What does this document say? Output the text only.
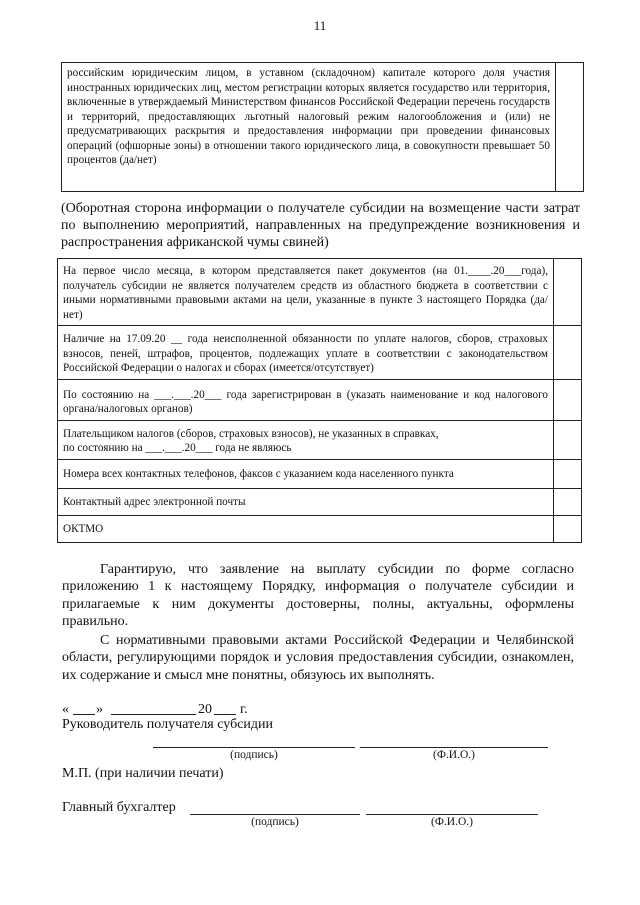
11
российским юридическим лицом, в уставном (складочном) капитале которого доля участия иностранных юридических лиц, местом регистрации которых является государство или территория, включенные в утверждаемый Министерством финансов Российской Федерации перечень государств и территорий, предоставляющих льготный налоговый режим налогообложения и (или) не предусматривающих раскрытия и предоставления информации при проведении финансовых операций (офшорные зоны) в отношении такого юридического лица, в совокупности превышает 50 процентов (да/нет)

(Оборотная сторона информации о получателе субсидии на возмещение части затрат по выполнению мероприятий, направленных на предупреждение возникновения и распространения африканской чумы свиней)
На первое число месяца, в котором представляется пакет документов (на 01.____.20___года), получатель субсидии не является получателем средств из областного бюджета в соответствии с иными нормативными правовыми актами на цели, указанные в пункте 3 настоящего Порядка (да/нет)	

Наличие на 17.09.20 __ года неисполненной обязанности по уплате налогов, сборов, страховых взносов, пеней, штрафов, процентов, подлежащих уплате в соответствии с законодательством Российской Федерации о налогах и сборах (имеется/отсутствует)	

По состоянию на ___.___.20___ года зарегистрирован в (указать наименование и код налогового органа/налоговых органов)	

Плательщиком налогов (сборов, страховых взносов), не указанных в справках,
по состоянию на ___.___.20___ года не являюсь	

Номера всех контактных телефонов, факсов с указанием кода населенного пункта	

Контактный адрес электронной почты	

ОКТМО	

Гарантирую, что заявление на выплату субсидии по форме согласно приложению 1 к настоящему Порядку, информация о получателе субсидии и прилагаемые к ним документы достоверны, полны, актуальны, оформлены правильно.
С нормативными правовыми актами Российской Федерации и Челябинской области, регулирующими порядок и условия предоставления субсидии, ознакомлен, их содержание и смысл мне понятны, обязуюсь их выполнять.
« »	20 г.
Руководитель получателя субсидии
(подпись)	(Ф.И.О.)
М.П. (при наличии печати)
Главный бухгалтер
(подпись)	(Ф.И.О.)
